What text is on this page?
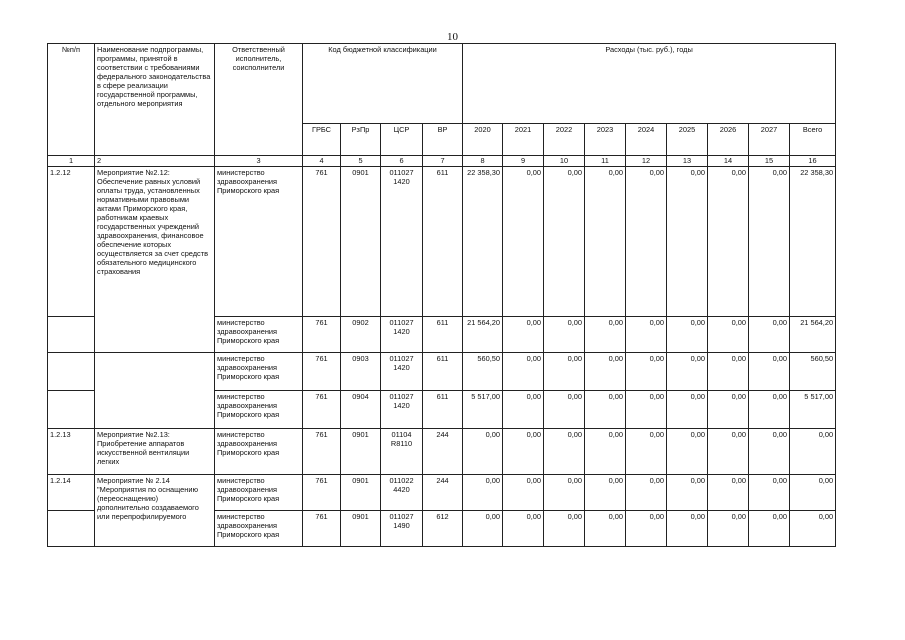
10
№п/п	Наименование подпрограммы, программы, принятой в соответствии с требованиями федерального законодательства в сфере реализации государственной программы, отдельного мероприятия	Ответственный исполнитель, соисполнители	Код бюджетной классификации				Расходы (тыс. руб.), годы								
			ГРБС	РзПр	ЦСР	ВР	2020	2021	2022	2023	2024	2025	2026	2027	Всего
1	2	3	4	5	6	7	8	9	10	11	12	13	14	15	16
1.2.12	Мероприятие №2.12: Обеспечение равных условий оплаты труда, установленных нормативными правовыми актами Приморского края, работникам краевых государственных учреждений здравоохранения, финансовое обеспечение которых осуществляется за счет средств обязательного медицинского страхования	министерство здравоохранения Приморского края	761	0901	011027 1420	611	22 358,30	0,00	0,00	0,00	0,00	0,00	0,00	0,00	22 358,30
		министерство здравоохранения Приморского края	761	0902	011027 1420	611	21 564,20	0,00	0,00	0,00	0,00	0,00	0,00	0,00	21 564,20
		министерство здравоохранения Приморского края	761	0903	011027 1420	611	560,50	0,00	0,00	0,00	0,00	0,00	0,00	0,00	560,50
		министерство здравоохранения Приморского края	761	0904	011027 1420	611	5 517,00	0,00	0,00	0,00	0,00	0,00	0,00	0,00	5 517,00
1.2.13	Мероприятие №2.13: Приобретение аппаратов искусственной вентиляции легких	министерство здравоохранения Приморского края	761	0901	01104 R8110	244	0,00	0,00	0,00	0,00	0,00	0,00	0,00	0,00	0,00
1.2.14	Мероприятие № 2.14 "Мероприятия по оснащению (переоснащению) дополнительно создаваемого или перепрофилируемого	министерство здравоохранения Приморского края	761	0901	011022 4420	244	0,00	0,00	0,00	0,00	0,00	0,00	0,00	0,00	0,00
		министерство здравоохранения Приморского края	761	0901	011027 1490	612	0,00	0,00	0,00	0,00	0,00	0,00	0,00	0,00	0,00
